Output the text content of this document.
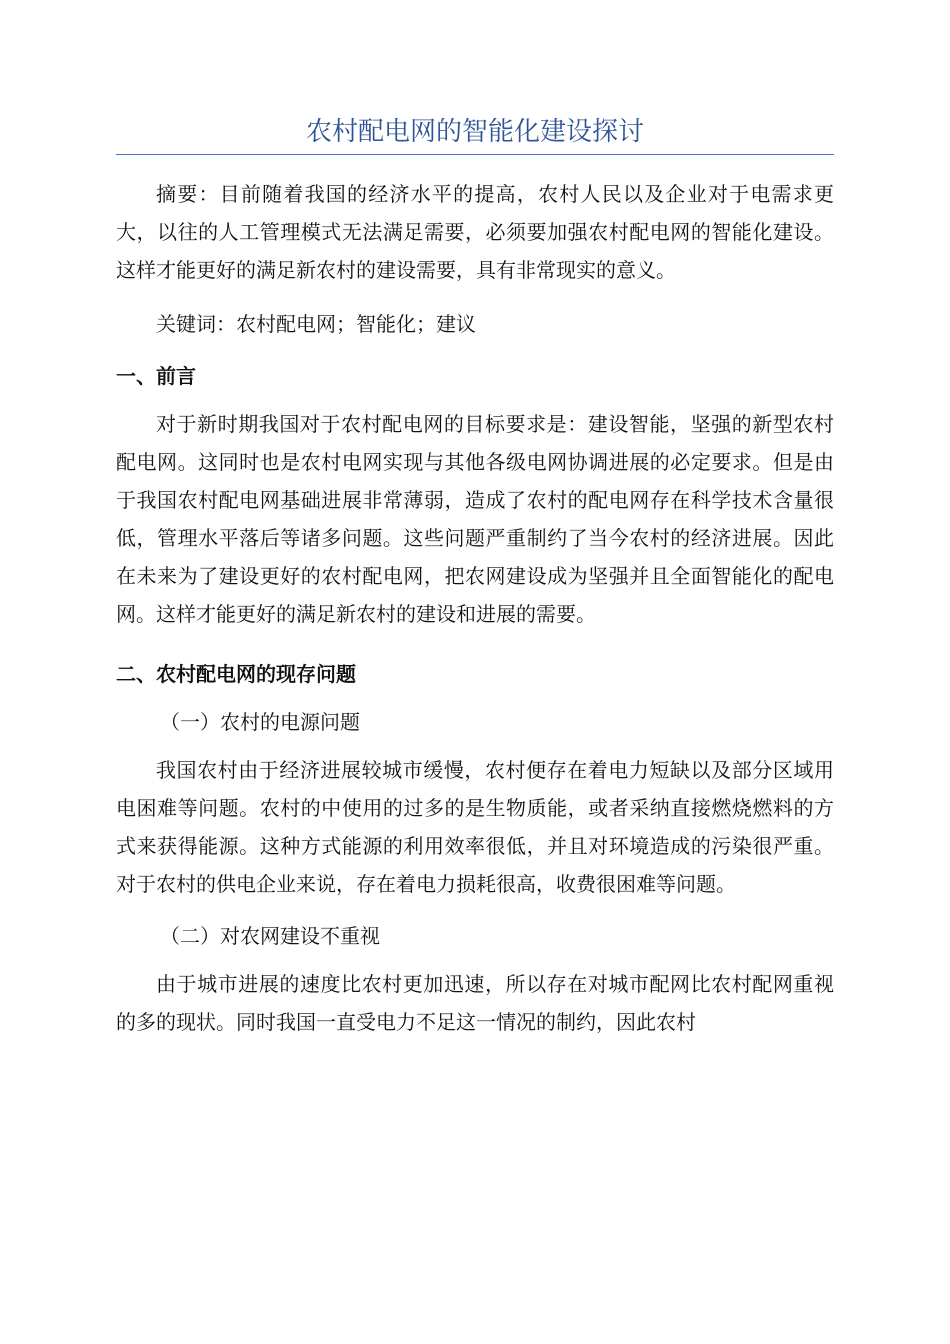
农村配电网的智能化建设探讨

摘要：目前随着我国的经济水平的提高，农村人民以及企业对于电需求更大，以往的人工管理模式无法满足需要，必须要加强农村配电网的智能化建设。这样才能更好的满足新农村的建设需要，具有非常现实的意义。

关键词：农村配电网；智能化；建议

一、前言

对于新时期我国对于农村配电网的目标要求是：建设智能，坚强的新型农村配电网。这同时也是农村电网实现与其他各级电网协调进展的必定要求。但是由于我国农村配电网基础进展非常薄弱，造成了农村的配电网存在科学技术含量很低，管理水平落后等诸多问题。这些问题严重制约了当今农村的经济进展。因此在未来为了建设更好的农村配电网，把农网建设成为坚强并且全面智能化的配电网。这样才能更好的满足新农村的建设和进展的需要。

二、农村配电网的现存问题
（一）农村的电源问题

我国农村由于经济进展较城市缓慢，农村便存在着电力短缺以及部分区域用电困难等问题。农村的中使用的过多的是生物质能，或者采纳直接燃烧燃料的方式来获得能源。这种方式能源的利用效率很低，并且对环境造成的污染很严重。对于农村的供电企业来说，存在着电力损耗很高，收费很困难等问题。

（二）对农网建设不重视

由于城市进展的速度比农村更加迅速，所以存在对城市配网比农村配网重视的多的现状。同时我国一直受电力不足这一情况的制约，因此农村
